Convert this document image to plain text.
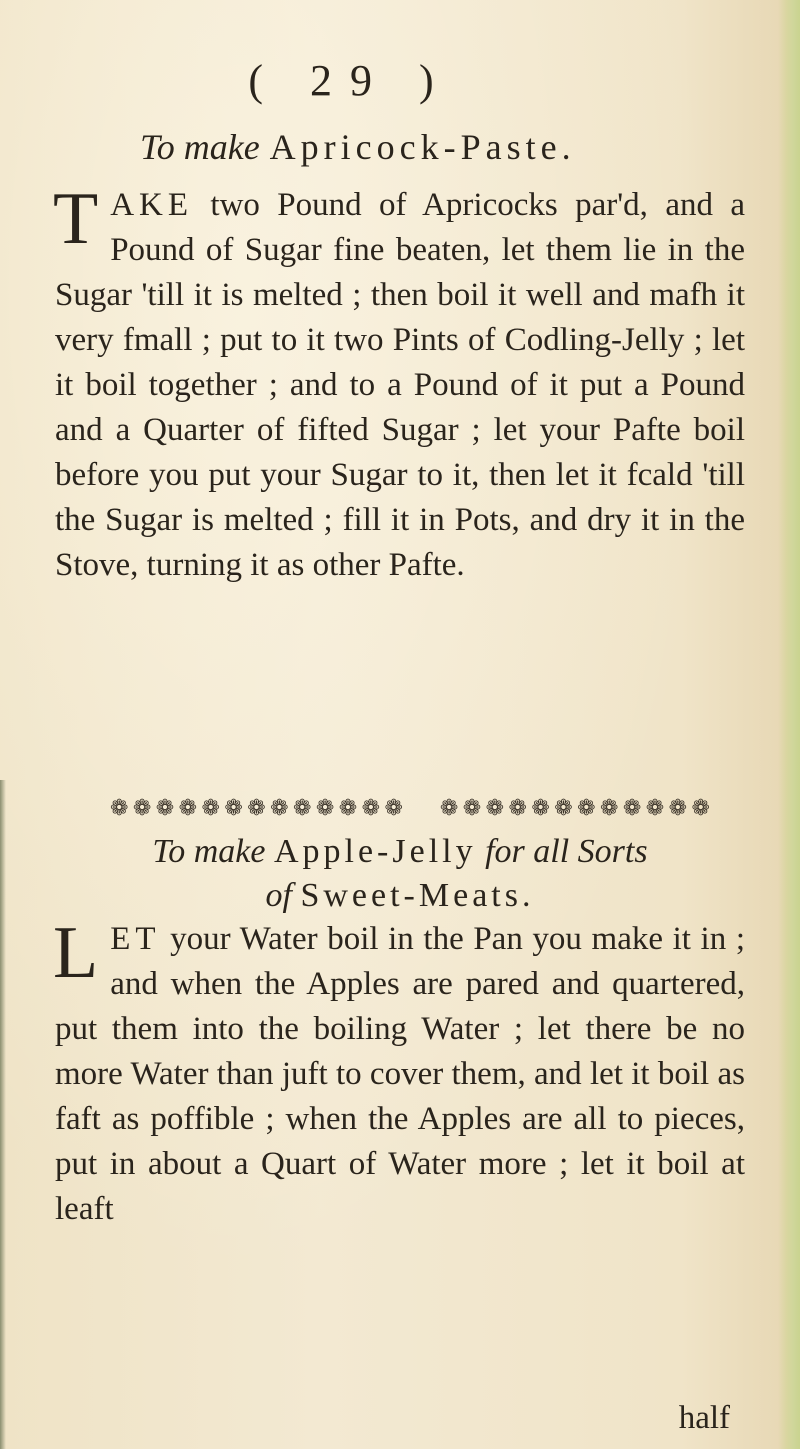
( 29 )
To make Apricock-Paste.

TAKE two Pound of Apricocks par'd, and a Pound of Sugar fine beaten, let them lie in the Sugar 'till it is melted ; then boil it well and mafh it very fmall ; put to it two Pints of Codling-Jelly ; let it boil together ; and to a Pound of it put a Pound and a Quarter of fifted Sugar ; let your Pafte boil before you put your Sugar to it, then let it fcald 'till the Sugar is melted ; fill it in Pots, and dry it in the Stove, turning it as other Pafte.

❁ ❁ ❁ ❁ ❁ ❁ ❁ ❁ ❁ ❁ ❁ ❁ ❁ ❁ ❁ ❁ ❁ ❁ ❁ ❁ ❁ ❁ ❁ ❁ ❁
To make Apple-Jelly for all Sorts
of Sweet-Meats.

LET your Water boil in the Pan you make it in ; and when the Apples are pared and quartered, put them into the boiling Water ; let there be no more Water than juft to cover them, and let it boil as faft as poffible ; when the Apples are all to pieces, put in about a Quart of Water more ; let it boil at leaft

half
